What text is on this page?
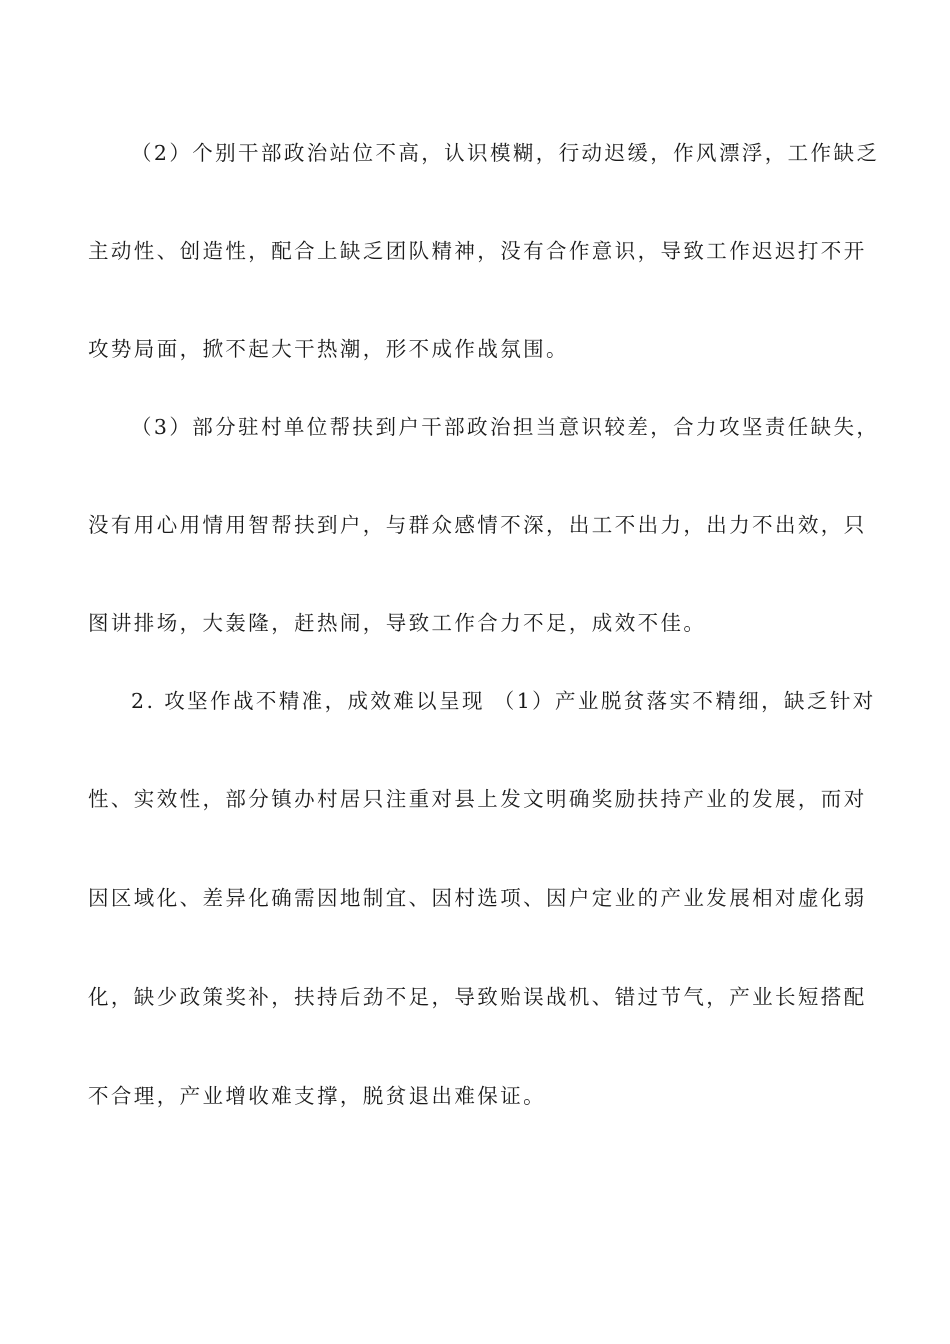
（2）个别干部政治站位不高，认识模糊，行动迟缓，作风漂浮，工作缺乏
主动性、创造性，配合上缺乏团队精神，没有合作意识，导致工作迟迟打不开
攻势局面，掀不起大干热潮，形不成作战氛围。
（3）部分驻村单位帮扶到户干部政治担当意识较差，合力攻坚责任缺失，
没有用心用情用智帮扶到户，与群众感情不深，出工不出力，出力不出效，只
图讲排场，大轰隆，赶热闹，导致工作合力不足，成效不佳。
2. 攻坚作战不精准，成效难以呈现 （1）产业脱贫落实不精细，缺乏针对
性、实效性，部分镇办村居只注重对县上发文明确奖励扶持产业的发展，而对
因区域化、差异化确需因地制宜、因村选项、因户定业的产业发展相对虚化弱
化，缺少政策奖补，扶持后劲不足，导致贻误战机、错过节气，产业长短搭配
不合理，产业增收难支撑，脱贫退出难保证。
